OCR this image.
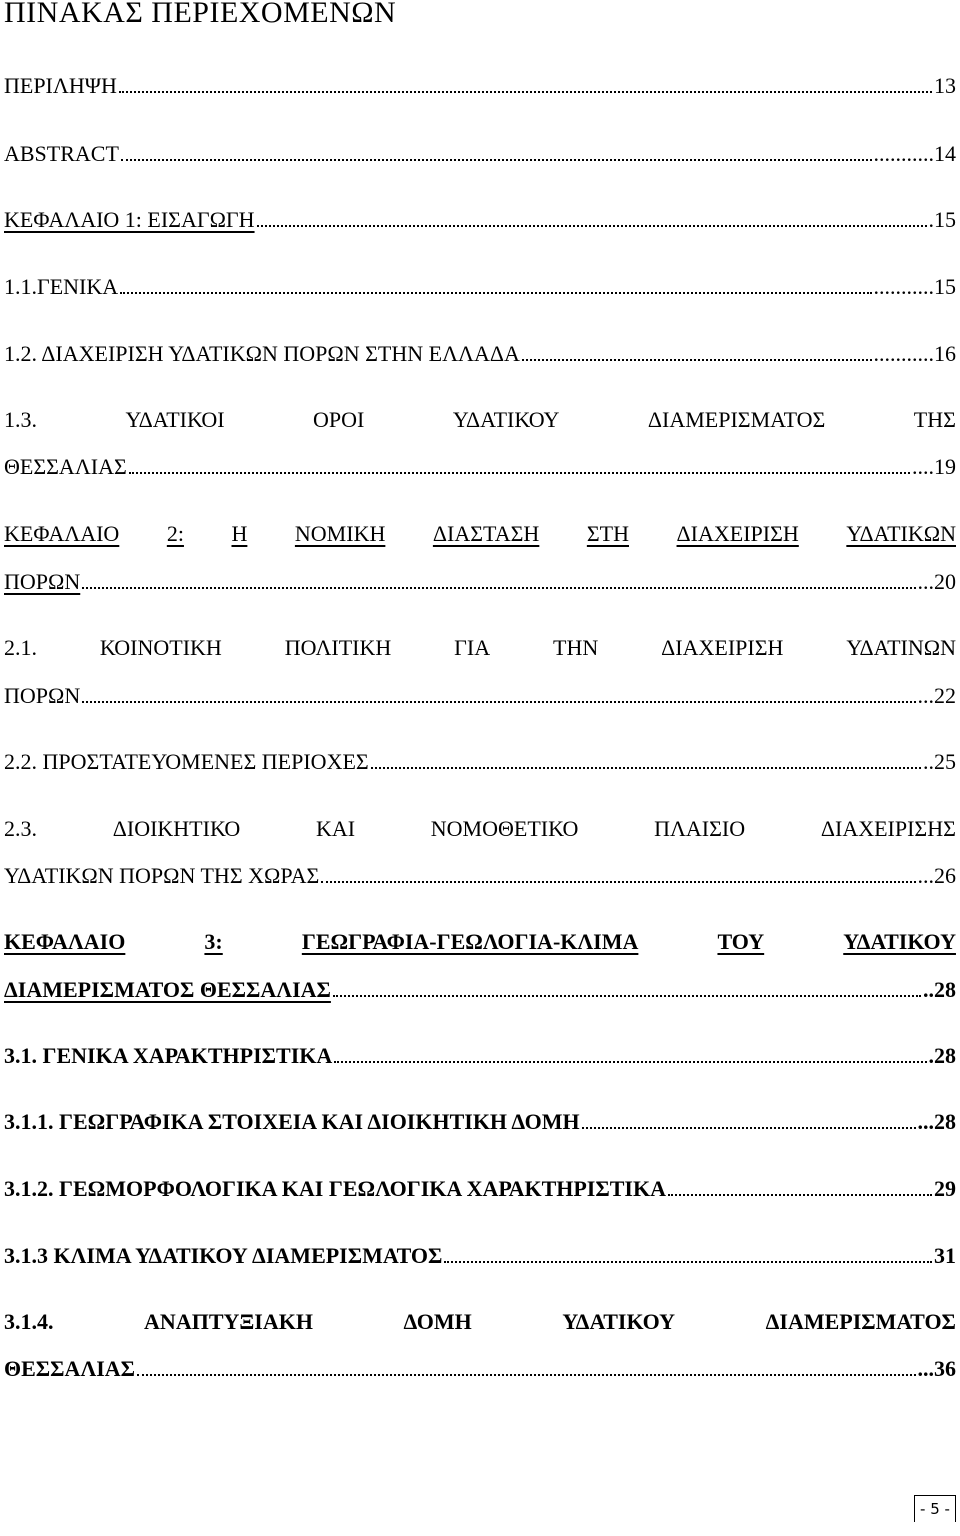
ΠΙΝΑΚΑΣ ΠΕΡΙΕΧΟΜΕΝΩΝ
ΠΕΡΙΛΗΨΗ	13
ABSTRACT	...........14
ΚΕΦΑΛΑΙΟ 1: ΕΙΣΑΓΩΓΗ	.15
1.1.ΓΕΝΙΚΑ	...........15
1.2. ΔΙΑΧΕΙΡΙΣΗ ΥΔΑΤΙΚΩΝ ΠΟΡΩΝ ΣΤΗΝ ΕΛΛΑΔΑ	...........16
1.3.	ΥΔΑΤΙΚΟΙ	ΟΡΟΙ	ΥΔΑΤΙΚΟΥ	ΔΙΑΜΕΡΙΣΜΑΤΟΣ	ΤΗΣ
ΘΕΣΣΑΛΙΑΣ	....19
ΚΕΦΑΛΑΙΟ 2: Η ΝΟΜΙΚΗ ΔΙΑΣΤΑΣΗ ΣΤΗ ΔΙΑΧΕΙΡΙΣΗ ΥΔΑΤΙΚΩΝ
ΠΟΡΩΝ	...20
2.1.	ΚΟΙΝΟΤΙΚΗ	ΠΟΛΙΤΙΚΗ	ΓΙΑ	ΤΗΝ	ΔΙΑΧΕΙΡΙΣΗ	ΥΔΑΤΙΝΩΝ
ΠΟΡΩΝ	...22
2.2. ΠΡΟΣΤΑΤΕΥΟΜΕΝΕΣ ΠΕΡΙΟΧΕΣ	..25
2.3.	ΔΙΟΙΚΗΤΙΚΟ	ΚΑΙ	ΝΟΜΟΘΕΤΙΚΟ	ΠΛΑΙΣΙΟ	ΔΙΑΧΕΙΡΙΣΗΣ
ΥΔΑΤΙΚΩΝ ΠΟΡΩΝ ΤΗΣ ΧΩΡΑΣ	...26
ΚΕΦΑΛΑΙΟ	3:	ΓΕΩΓΡΑΦΙΑ-ΓΕΩΛΟΓΙΑ-ΚΛΙΜΑ	ΤΟΥ	ΥΔΑΤΙΚΟΥ
ΔΙΑΜΕΡΙΣΜΑΤΟΣ ΘΕΣΣΑΛΙΑΣ	..28
3.1. ΓΕΝΙΚΑ ΧΑΡΑΚΤΗΡΙΣΤΙΚΑ	.28
3.1.1. ΓΕΩΓΡΑΦΙΚΑ ΣΤΟΙΧΕΙΑ ΚΑΙ ΔΙΟΙΚΗΤΙΚΗ ΔΟΜΗ	...28
3.1.2. ΓΕΩΜΟΡΦΟΛΟΓΙΚΑ ΚΑΙ ΓΕΩΛΟΓΙΚΑ ΧΑΡΑΚΤΗΡΙΣΤΙΚΑ	29
3.1.3 ΚΛΙΜΑ ΥΔΑΤΙΚΟΥ ΔΙΑΜΕΡΙΣΜΑΤΟΣ	31
3.1.4.	ΑΝΑΠΤΥΞΙΑΚΗ	ΔΟΜΗ	ΥΔΑΤΙΚΟΥ	ΔΙΑΜΕΡΙΣΜΑΤΟΣ
ΘΕΣΣΑΛΙΑΣ	...36
- 5 -
